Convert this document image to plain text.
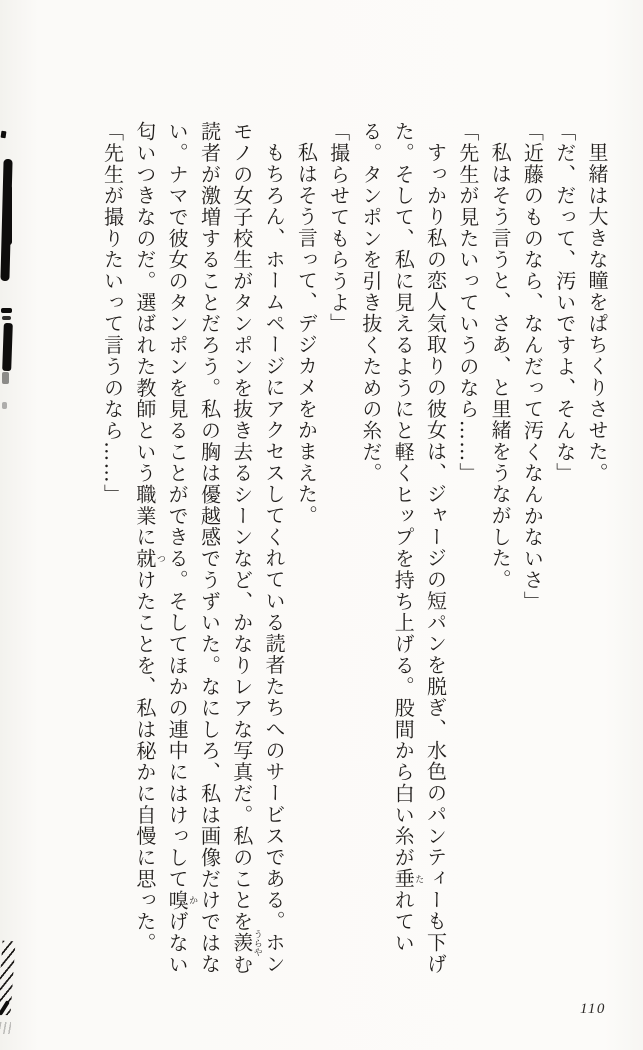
里緒は大きな瞳をぱちくりさせた。

「だ、だって、汚いですよ、そんな」

「近藤のものなら、なんだって汚くなんかないさ」

私はそう言うと、さあ、と里緒をうながした。

「先生が見たいっていうのなら……」

すっかり私の恋人気取りの彼女は、ジャージの短パンを脱ぎ、水色のパンティーも下げた。そして、私に見えるようにと軽くヒップを持ち上げる。股間から白い糸が垂たれている。タンポンを引き抜くための糸だ。

「撮らせてもらうよ」

私はそう言って、デジカメをかまえた。

もちろん、ホームページにアクセスしてくれている読者たちへのサービスである。ホンモノの女子校生がタンポンを抜き去るシーンなど、かなりレアな写真だ。私のことを羨うらやむ読者が激増することだろう。私の胸は優越感でうずいた。なにしろ、私は画像だけではない。ナマで彼女のタンポンを見ることができる。そしてほかの連中にはけっして嗅かげない匂いつきなのだ。選ばれた教師という職業に就つけたことを、私は秘かに自慢に思った。

「先生が撮りたいって言うのなら……」

110
